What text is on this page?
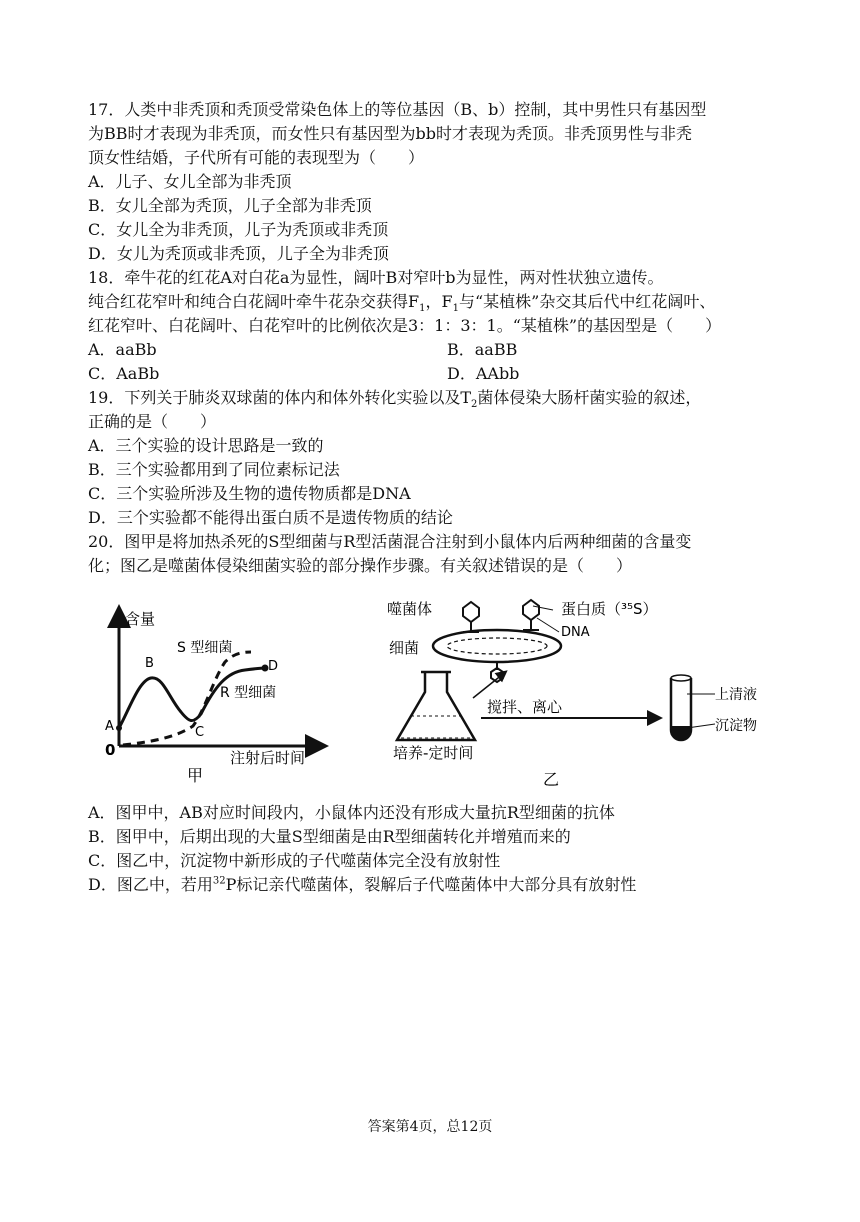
17．人类中非秃顶和秃顶受常染色体上的等位基因（B、b）控制，其中男性只有基因型
为BB时才表现为非秃顶，而女性只有基因型为bb时才表现为秃顶。非秃顶男性与非秃
顶女性结婚，子代所有可能的表现型为（　　）
A．儿子、女儿全部为非秃顶
B．女儿全部为秃顶，儿子全部为非秃顶
C．女儿全为非秃顶，儿子为秃顶或非秃顶
D．女儿为秃顶或非秃顶，儿子全为非秃顶
18．牵牛花的红花A对白花a为显性，阔叶B对窄叶b为显性，两对性状独立遗传。
纯合红花窄叶和纯合白花阔叶牵牛花杂交获得$F_1$，$F_1$与“某植株”杂交其后代中红花阔叶、
红花窄叶、白花阔叶、白花窄叶的比例依次是3：1：3：1。“某植株”的基因型是（　　）
A．aaBb	B．aaBB
C．AaBb	D．AAbb
19．下列关于肺炎双球菌的体内和体外转化实验以及$T_2$菌体侵染大肠杆菌实验的叙述，
正确的是（　　）
A．三个实验的设计思路是一致的
B．三个实验都用到了同位素标记法
C．三个实验所涉及生物的遗传物质都是DNA
D．三个实验都不能得出蛋白质不是遗传物质的结论
20．图甲是将加热杀死的S型细菌与R型活菌混合注射到小鼠体内后两种细菌的含量变
化；图乙是噬菌体侵染细菌实验的部分操作步骤。有关叙述错误的是（　　）
含量
注射后时间
0
A
B
C
D
S 型细菌
R 型细菌
甲
噬菌体	蛋白质（³⁵S）
DNA
细菌
培养-定时间
搅拌、离心
上清液
沉淀物
乙
A．图甲中，AB对应时间段内，小鼠体内还没有形成大量抗R型细菌的抗体
B．图甲中，后期出现的大量S型细菌是由R型细菌转化并增殖而来的
C．图乙中，沉淀物中新形成的子代噬菌体完全没有放射性
D．图乙中，若用$^{32}$P标记亲代噬菌体，裂解后子代噬菌体中大部分具有放射性
答案第4页，总12页
